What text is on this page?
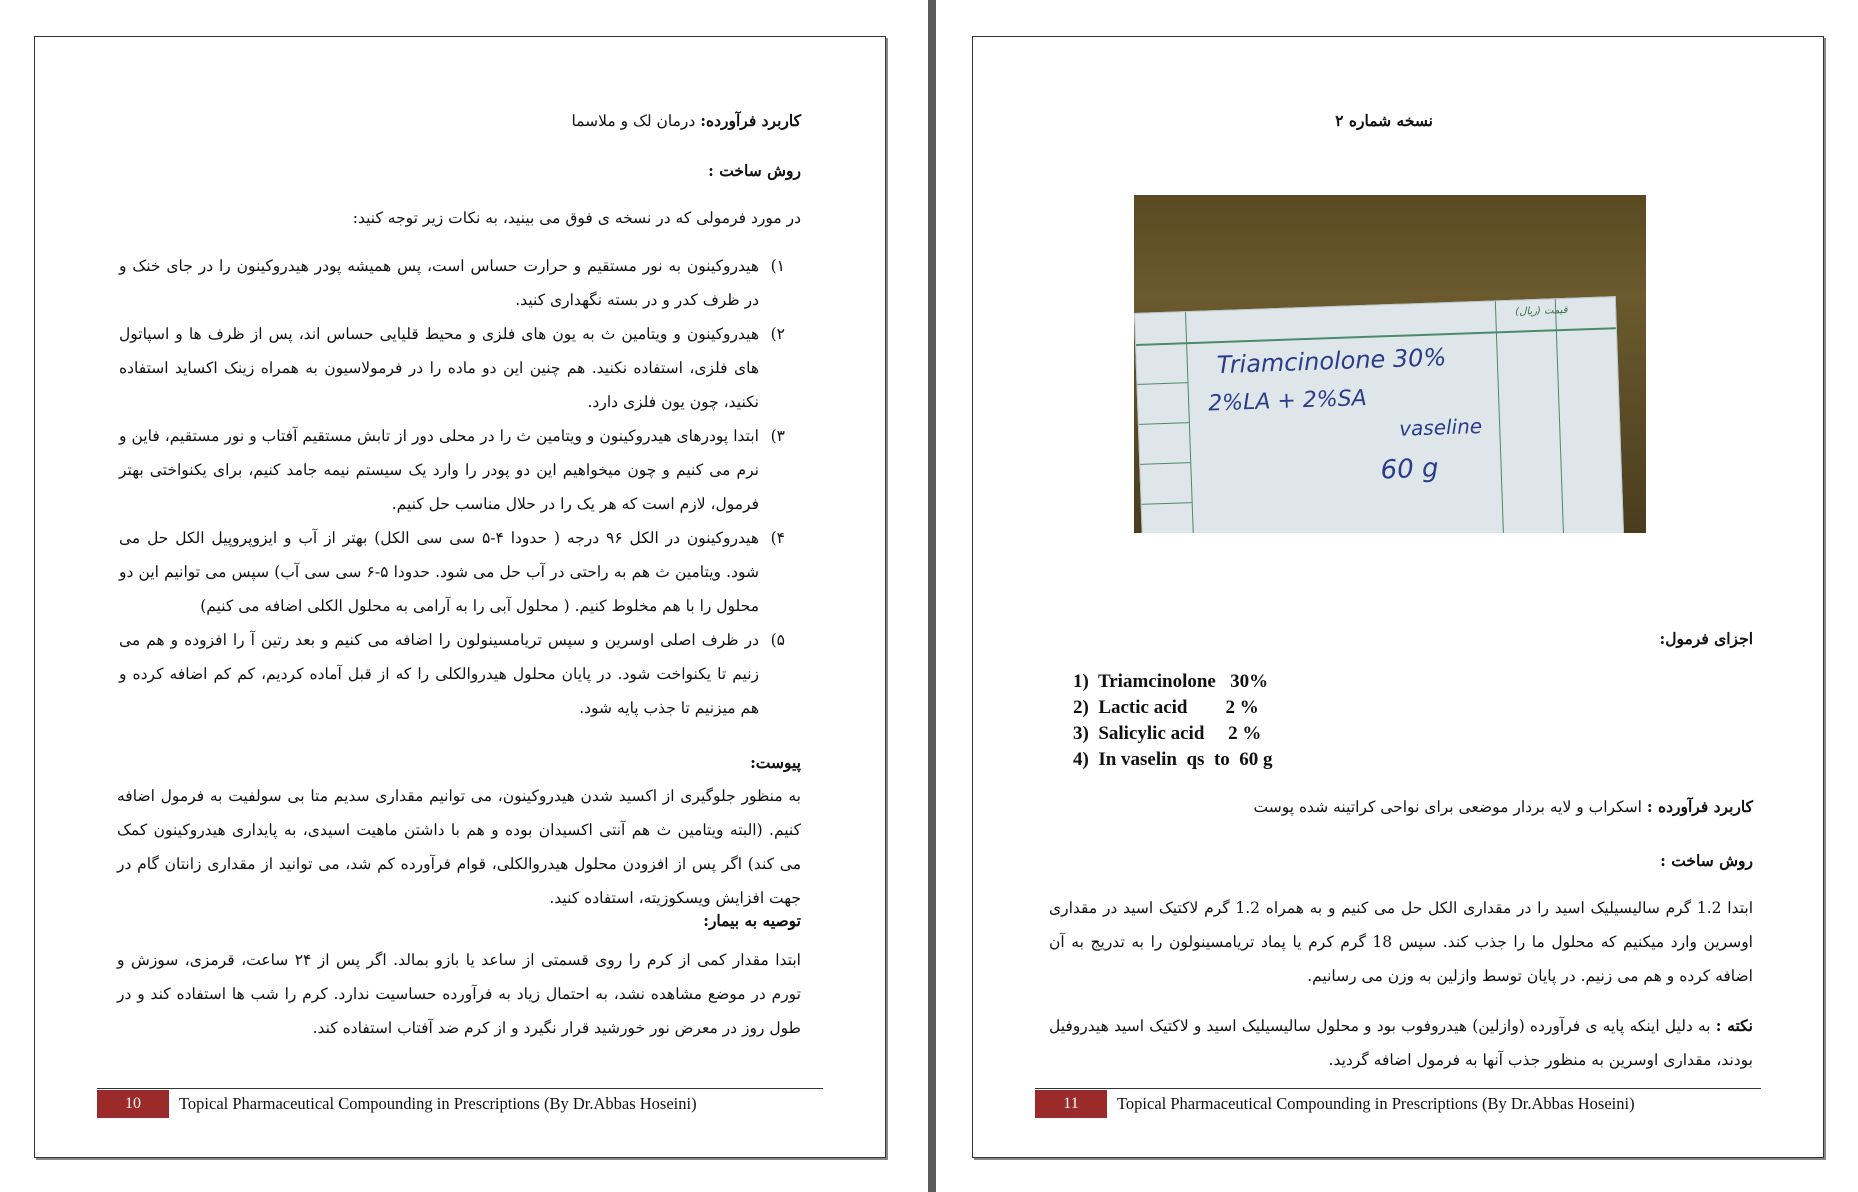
کاربرد فرآورده: درمان لک و ملاسما
روش ساخت :
در مورد فرمولی که در نسخه ی فوق می بینید، به نکات زیر توجه کنید:
۱)
هیدروکینون به نور مستقیم و حرارت حساس است، پس همیشه پودر هیدروکینون را در جای خنک و در ظرف کدر و در بسته نگهداری کنید.
۲)
هیدروکینون و ویتامین ث به یون های فلزی و محیط قلیایی حساس اند، پس از ظرف ها و اسپاتول های فلزی، استفاده نکنید. هم چنین این دو ماده را در فرمولاسیون به همراه زینک اکساید استفاده نکنید، چون یون فلزی دارد.
۳)
ابتدا پودرهای هیدروکینون و ویتامین ث را در محلی دور از تابش مستقیم آفتاب و نور مستقیم، فاین و نرم می کنیم و چون میخواهیم این دو پودر را وارد یک سیستم نیمه جامد کنیم، برای یکنواختی بهتر فرمول، لازم است که هر یک را در حلال مناسب حل کنیم.
۴)
هیدروکینون در الکل ۹۶ درجه ( حدودا ۴-۵ سی سی الکل) بهتر از آب و ایزوپروپیل الکل حل می شود. ویتامین ث هم به راحتی در آب حل می شود. حدودا ۵-۶ سی سی آب) سپس می توانیم این دو محلول را با هم مخلوط کنیم. ( محلول آبی را به آرامی به محلول الکلی اضافه می کنیم)
۵)
در ظرف اصلی اوسرین و سپس تریامسینولون را اضافه می کنیم و بعد رتین آ را افزوده و هم می زنیم تا یکنواخت شود. در پایان محلول هیدروالکلی را که از قبل آماده کردیم، کم کم اضافه کرده و هم میزنیم تا جذب پایه شود.
پیوست:
به منظور جلوگیری از اکسید شدن هیدروکینون، می توانیم مقداری سدیم متا بی سولفیت به فرمول اضافه کنیم. (البته ویتامین ث هم آنتی اکسیدان بوده و هم با داشتن ماهیت اسیدی، به پایداری هیدروکینون کمک می کند) اگر پس از افزودن محلول هیدروالکلی، قوام فرآورده کم شد، می توانید از مقداری زانتان گام در جهت افزایش ویسکوزیته، استفاده کنید.
توصیه به بیمار:
ابتدا مقدار کمی از کرم را روی قسمتی از ساعد یا بازو بمالد. اگر پس از ۲۴ ساعت، قرمزی، سوزش و تورم در موضع مشاهده نشد، به احتمال زیاد به فرآورده حساسیت ندارد. کرم را شب ها استفاده کند و در طول روز در معرض نور خورشید قرار نگیرد و از کرم ضد آفتاب استفاده کند.
10	Topical Pharmaceutical Compounding in Prescriptions (By Dr.Abbas Hoseini)
نسخه شماره ۲
قیمت (ریال)
Triamcinolone 30%
2%LA + 2%SA
vaseline
60 g
اجزای فرمول:
1)  Triamcinolone   30%
2)  Lactic acid        2 %
3)  Salicylic acid     2 %
4)  In vaselin  qs  to  60 g
کاربرد فرآورده : اسکراب و لایه بردار موضعی برای نواحی کراتینه شده پوست
روش ساخت :
ابتدا 1.2 گرم سالیسیلیک اسید را در مقداری الکل حل می کنیم و به همراه 1.2 گرم لاکتیک اسید در مقداری اوسرین وارد میکنیم که محلول ما را جذب کند. سپس 18 گرم کرم یا پماد تریامسینولون را به تدریج به آن اضافه کرده و هم می زنیم. در پایان توسط وازلین به وزن می رسانیم.
نکته : به دلیل اینکه پایه ی فرآورده (وازلین) هیدروفوب بود و محلول سالیسیلیک اسید و لاکتیک اسید هیدروفیل بودند، مقداری اوسرین به منظور جذب آنها به فرمول اضافه گردید.
11	Topical Pharmaceutical Compounding in Prescriptions (By Dr.Abbas Hoseini)
